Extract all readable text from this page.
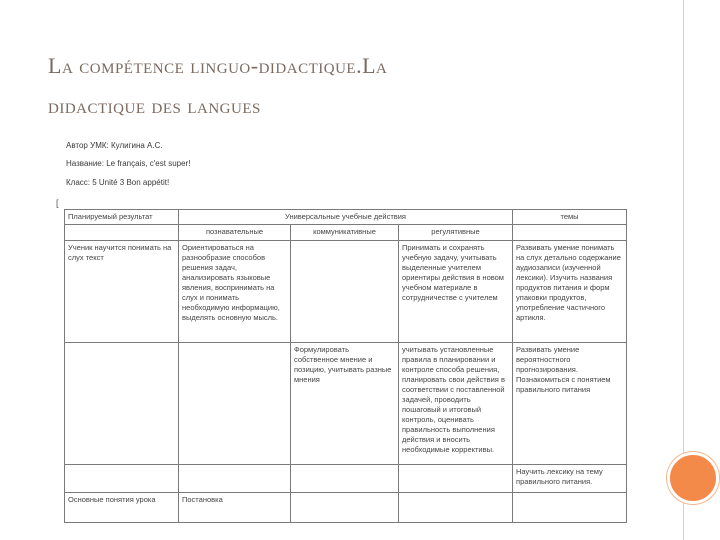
La compétence linguo-didactique.La
didactique des langues
Автор УМК: Кулигина А.С.
Название: Le français, c'est super!
Класс: 5 Unité 3 Bon appétit!
[
Планируемый результат	Универсальные учебные действия			темы
	познавательные	коммуникативные	регулятивные	
Ученик научится понимать на слух текст	Ориентироваться на разнообразие способов решения задач, анализировать языковые явления, воспринимать на слух и понимать необходимую информацию, выделять основную мысль.		Принимать и сохранять учебную задачу, учитывать выделенные учителем ориентиры действия в новом учебном материале в сотрудничестве с учителем	Развивать умение понимать на слух детально содержание аудиозаписи (изученной лексики). Изучить названия продуктов питания и форм упаковки продуктов, употребление частичного артикля.
		Формулировать собственное мнение и позицию, учитывать разные мнения	учитывать установленные правила в планировании и контроле способа решения, планировать свои действия в соответствии с поставленной задачей, проводить пошаговый и итоговый контроль, оценивать правильность выполнения действия и вносить необходимые коррективы.	Развивать умение вероятностного прогнозирования. Познакомиться с понятием правильного питания
				Научить лексику на тему правильного питания.
Основные понятия урока	Постановка			
